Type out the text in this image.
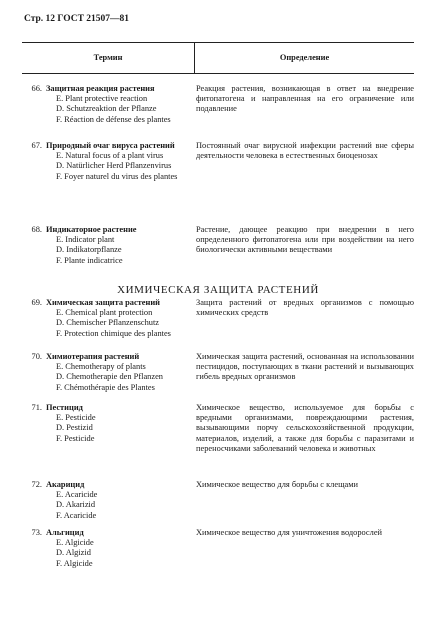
Стр. 12 ГОСТ 21507—81
Термин	Определение
66. Защитная реакция растения
E. Plant protective reaction
D. Schutzreaktion der Pflanze
F. Réaction de défense des plantes
Реакция растения, возникающая в ответ на внедрение фитопатогена и направленная на его ограничение или подавление
67. Природный очаг вируса растений
E. Natural focus of a plant virus
D. Natürlicher Herd Pflanzenvirus
F. Foyer naturel du virus des plantes
Постоянный очаг вирусной инфекции растений вне сферы деятельности человека в естественных биоценозах
68. Индикаторное растение
E. Indicator plant
D. Indikatorpflanze
F. Plante indicatrice
Растение, дающее реакцию при внедрении в него определенного фитопатогена или при воздействии на него биологически активными веществами
ХИМИЧЕСКАЯ ЗАЩИТА РАСТЕНИЙ
69. Химическая защита растений
E. Chemical plant protection
D. Chemischer Pflanzenschutz
F. Protection chimique des plantes
Защита растений от вредных организмов с помощью химических средств
70. Химиотерапия растений
E. Chemotherapy of plants
D. Chemotherapie den Pflanzen
F. Chémothérapie des Plantes
Химическая защита растений, основанная на использовании пестицидов, поступающих в ткани растений и вызывающих гибель вредных организмов
71. Пестицид
E. Pesticide
D. Pestizid
F. Pesticide
Химическое вещество, используемое для борьбы с вредными организмами, повреждающими растения, вызывающими порчу сельскохозяйственной продукции, материалов, изделий, а также для борьбы с паразитами и переносчиками заболеваний человека и животных
72. Акарицид
E. Acaricide
D. Akarizid
F. Acaricide
Химическое вещество для борьбы с клещами
73. Альгицид
E. Algicide
D. Algizid
F. Algicide
Химическое вещество для уничтожения водорослей
